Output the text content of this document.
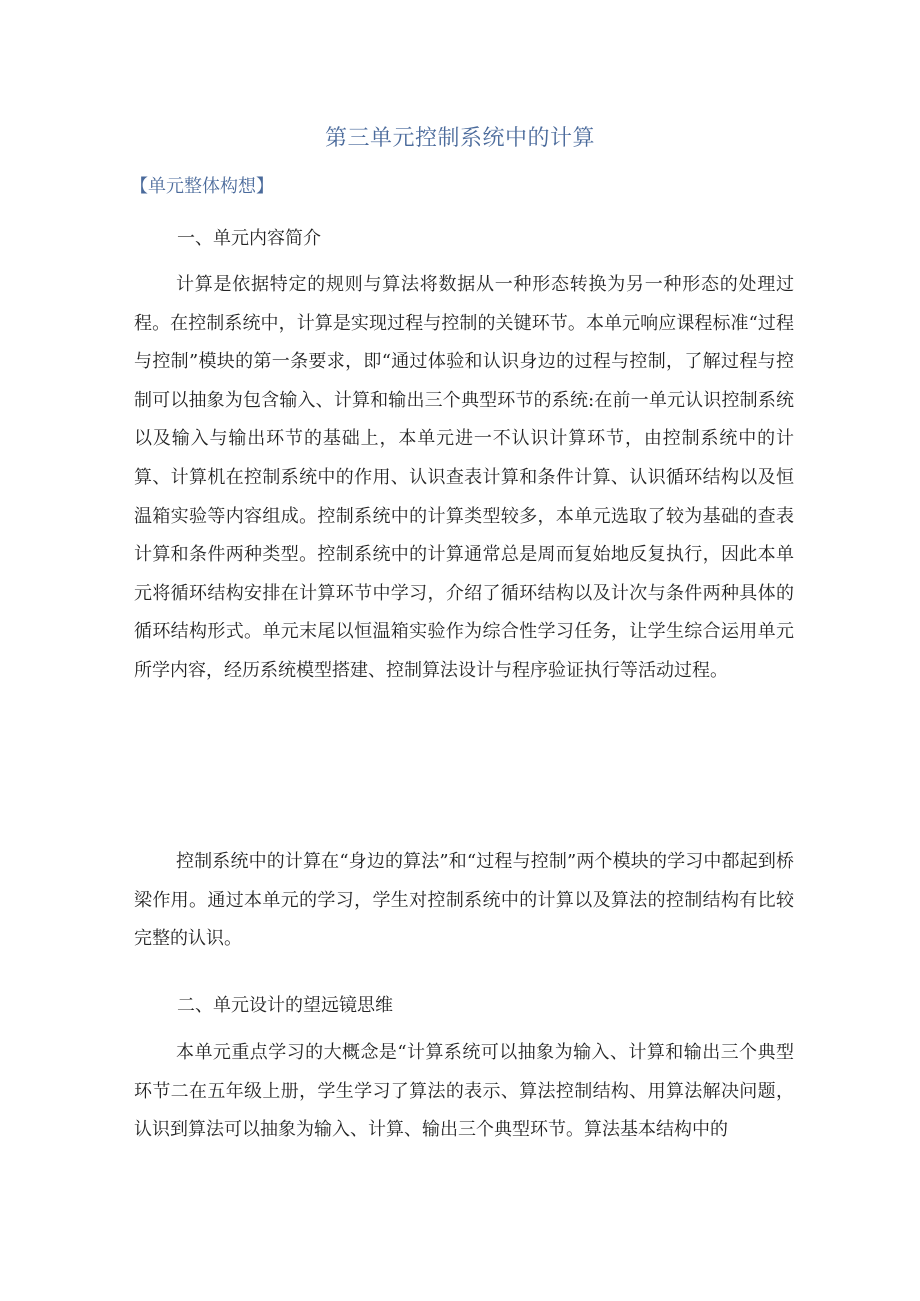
第三单元控制系统中的计算
【单元整体构想】
一、单元内容简介

计算是依据特定的规则与算法将数据从一种形态转换为另一种形态的处理过程。在控制系统中，计算是实现过程与控制的关键环节。本单元响应课程标准“过程与控制”模块的第一条要求，即“通过体验和认识身边的过程与控制，了解过程与控制可以抽象为包含输入、计算和输出三个典型环节的系统:在前一单元认识控制系统以及输入与输出环节的基础上，本单元进一不认识计算环节，由控制系统中的计算、计算机在控制系统中的作用、认识查表计算和条件计算、认识循环结构以及恒温箱实验等内容组成。控制系统中的计算类型较多，本单元选取了较为基础的查表计算和条件两种类型。控制系统中的计算通常总是周而复始地反复执行，因此本单元将循环结构安排在计算环节中学习，介绍了循环结构以及计次与条件两种具体的循环结构形式。单元末尾以恒温箱实验作为综合性学习任务，让学生综合运用单元所学内容，经历系统模型搭建、控制算法设计与程序验证执行等活动过程。

控制系统中的计算在“身边的算法”和“过程与控制”两个模块的学习中都起到桥梁作用。通过本单元的学习，学生对控制系统中的计算以及算法的控制结构有比较完整的认识。

二、单元设计的望远镜思维

本单元重点学习的大概念是“计算系统可以抽象为输入、计算和输出三个典型环节二在五年级上册，学生学习了算法的表示、算法控制结构、用算法解决问题，认识到算法可以抽象为输入、计算、输出三个典型环节。算法基本结构中的
